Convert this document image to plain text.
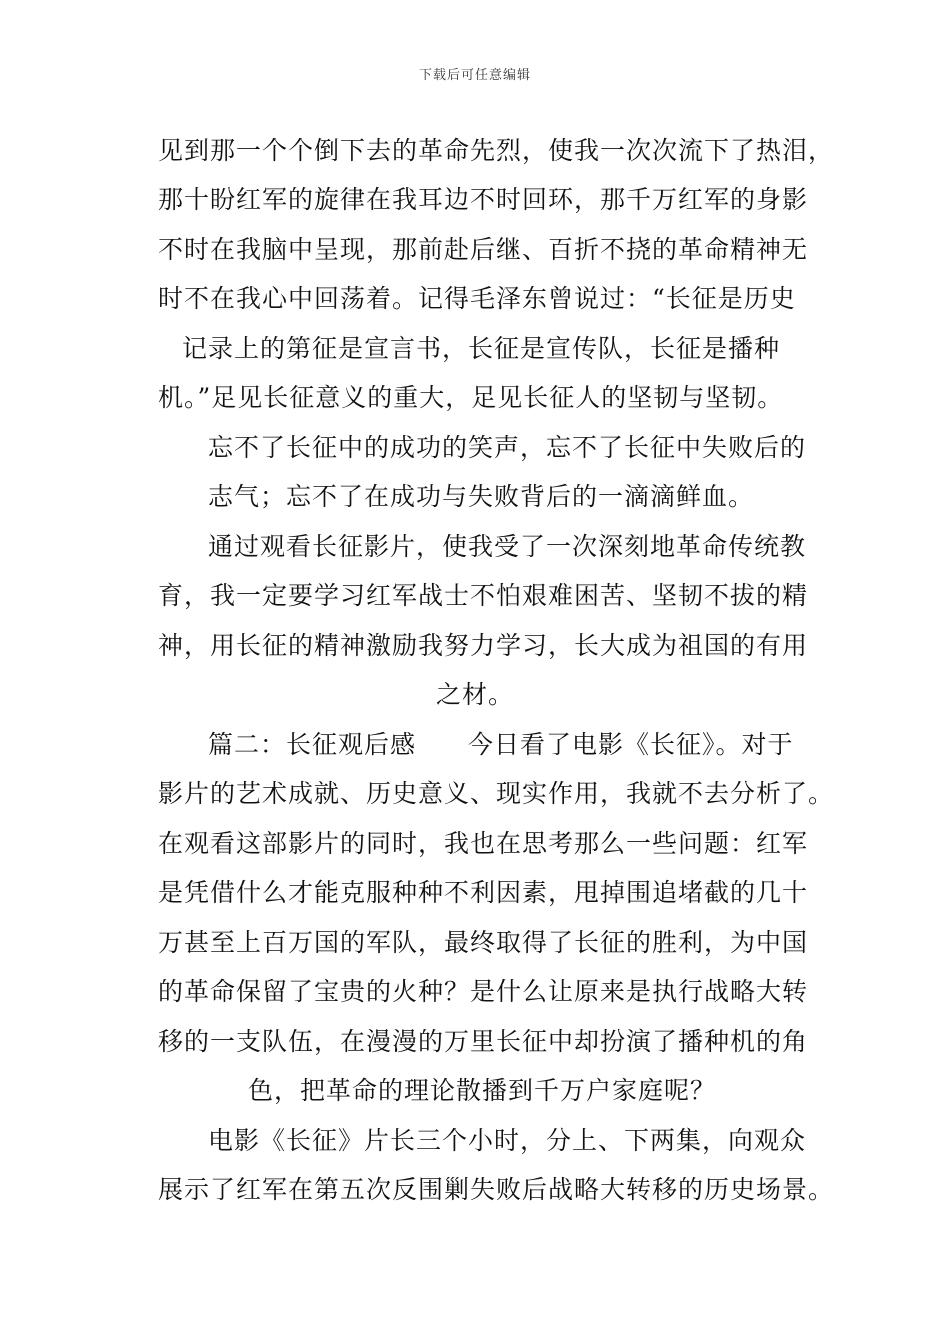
下载后可任意编辑
见到那一个个倒下去的革命先烈，使我一次次流下了热泪，
那十盼红军的旋律在我耳边不时回环，那千万红军的身影
不时在我脑中呈现，那前赴后继、百折不挠的革命精神无
时不在我心中回荡着。记得毛泽东曾说过：“长征是历史
记录上的第征是宣言书，长征是宣传队，长征是播种
机。”足见长征意义的重大，足见长征人的坚韧与坚韧。
忘不了长征中的成功的笑声，忘不了长征中失败后的
志气；忘不了在成功与失败背后的一滴滴鲜血。
通过观看长征影片，使我受了一次深刻地革命传统教
育，我一定要学习红军战士不怕艰难困苦、坚韧不拔的精
神，用长征的精神激励我努力学习，长大成为祖国的有用
之材。
篇二：长征观后感　　今日看了电影《长征》。对于
影片的艺术成就、历史意义、现实作用，我就不去分析了。
在观看这部影片的同时，我也在思考那么一些问题：红军
是凭借什么才能克服种种不利因素，甩掉围追堵截的几十
万甚至上百万国的军队，最终取得了长征的胜利，为中国
的革命保留了宝贵的火种？是什么让原来是执行战略大转
移的一支队伍，在漫漫的万里长征中却扮演了播种机的角
色，把革命的理论散播到千万户家庭呢？
电影《长征》片长三个小时，分上、下两集，向观众
展示了红军在第五次反围剿失败后战略大转移的历史场景。
